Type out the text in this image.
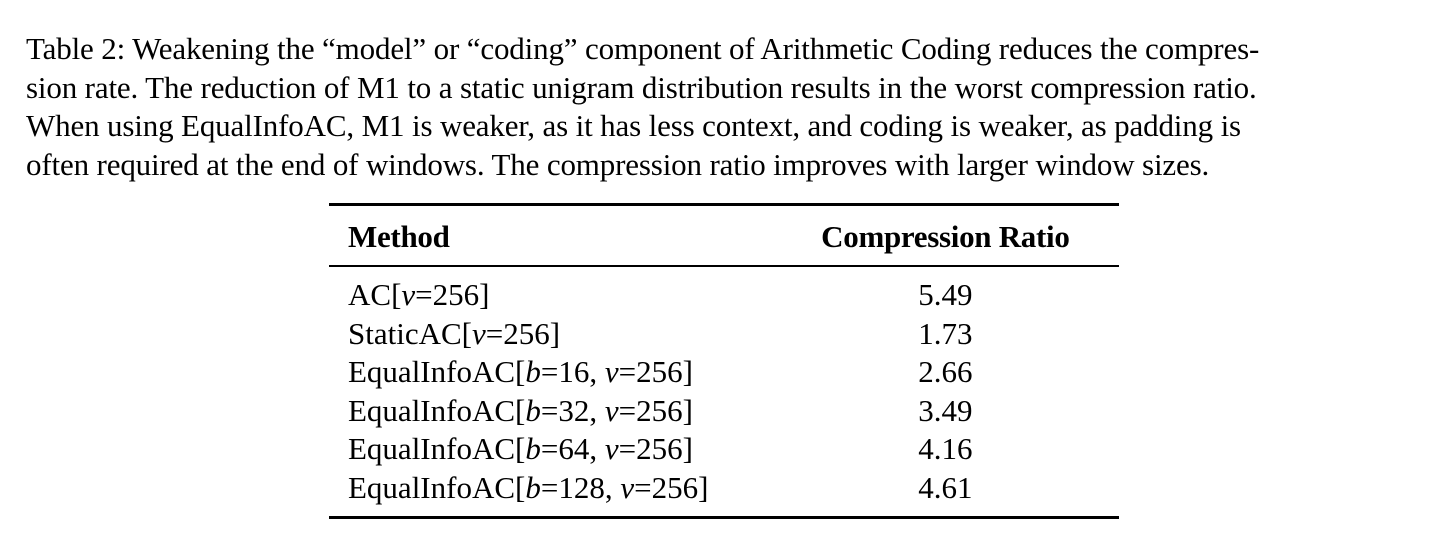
Table 2: Weakening the “model” or “coding” component of Arithmetic Coding reduces the compres-
sion rate. The reduction of M1 to a static unigram distribution results in the worst compression ratio.
When using EqualInfoAC, M1 is weaker, as it has less context, and coding is weaker, as padding is
often required at the end of windows. The compression ratio improves with larger window sizes.
Method	Compression Ratio
AC[v=256]	5.49
StaticAC[v=256]	1.73
EqualInfoAC[b=16, v=256]	2.66
EqualInfoAC[b=32, v=256]	3.49
EqualInfoAC[b=64, v=256]	4.16
EqualInfoAC[b=128, v=256]	4.61
